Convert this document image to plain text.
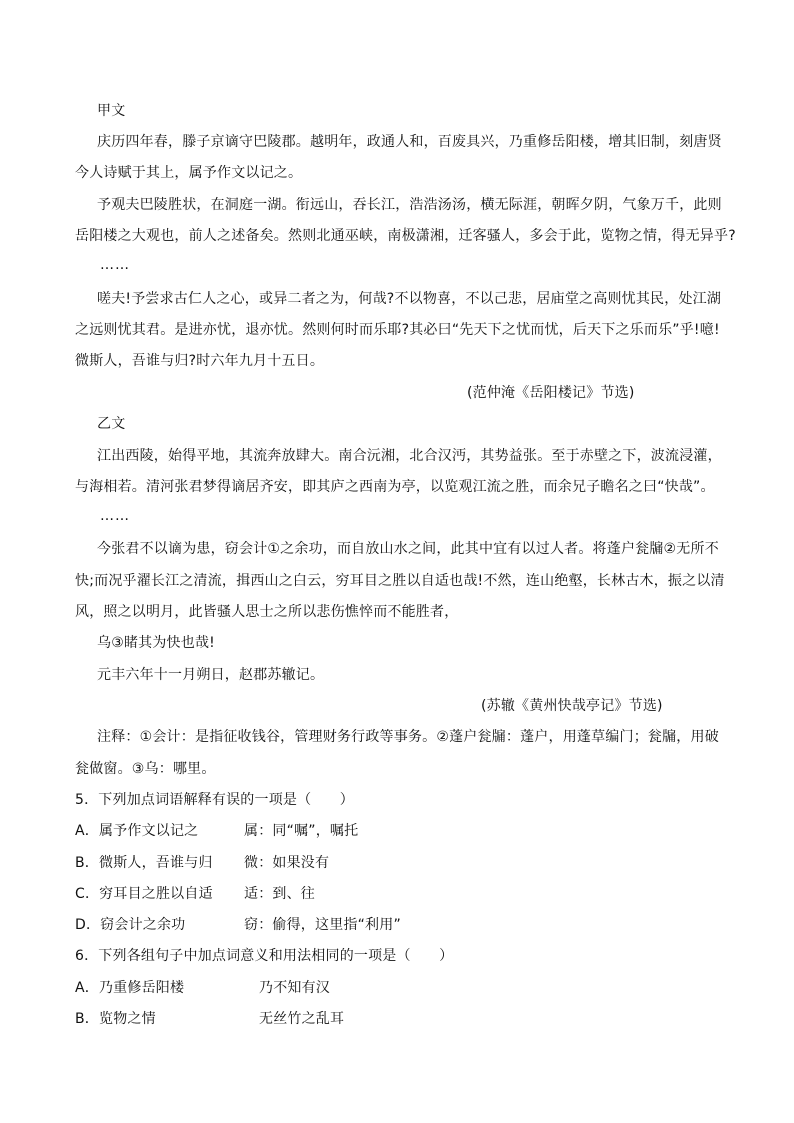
甲文
庆历四年春，滕子京谪守巴陵郡。越明年，政通人和，百废具兴，乃重修岳阳楼，增其旧制，刻唐贤
今人诗赋于其上，属予作文以记之。
予观夫巴陵胜状，在洞庭一湖。衔远山，吞长江，浩浩汤汤，横无际涯，朝晖夕阴，气象万千，此则
岳阳楼之大观也，前人之述备矣。然则北通巫峡，南极潇湘，迁客骚人，多会于此，览物之情，得无异乎?
……
嗟夫!予尝求古仁人之心，或异二者之为，何哉?不以物喜，不以己悲，居庙堂之高则忧其民，处江湖
之远则忧其君。是进亦忧，退亦忧。然则何时而乐耶?其必曰“先天下之忧而忧，后天下之乐而乐”乎!噫!
微斯人，吾谁与归?时六年九月十五日。
(范仲淹《岳阳楼记》节选)
乙文
江出西陵，始得平地，其流奔放肆大。南合沅湘，北合汉沔，其势益张。至于赤壁之下，波流浸灌，
与海相若。清河张君梦得谪居齐安，即其庐之西南为亭，以览观江流之胜，而余兄子瞻名之曰“快哉”。
……
今张君不以谪为患，窃会计①之余功，而自放山水之间，此其中宜有以过人者。将蓬户瓮牖②无所不
快;而况乎濯长江之清流，揖西山之白云，穷耳目之胜以自适也哉!不然，连山绝壑，长林古木，振之以清
风，照之以明月，此皆骚人思士之所以悲伤憔悴而不能胜者，
乌③睹其为快也哉!
元丰六年十一月朔日，赵郡苏辙记。
(苏辙《黄州快哉亭记》节选)
注释：①会计：是指征收钱谷，管理财务行政等事务。②蓬户瓮牖：蓬户，用蓬草编门；瓮牖，用破
瓮做窗。③乌：哪里。
5．下列加点词语解释有误的一项是（　　）
A．属予作文以记之	属：同“嘱”，嘱托
B．微斯人，吾谁与归 微：如果没有
C．穷耳目之胜以自适 适：到、往
D．窃会计之余功	窃：偷得，这里指“利用”
6．下列各组句子中加点词意义和用法相同的一项是（　　）
A．乃重修岳阳楼	乃不知有汉
B．览物之情	无丝竹之乱耳
